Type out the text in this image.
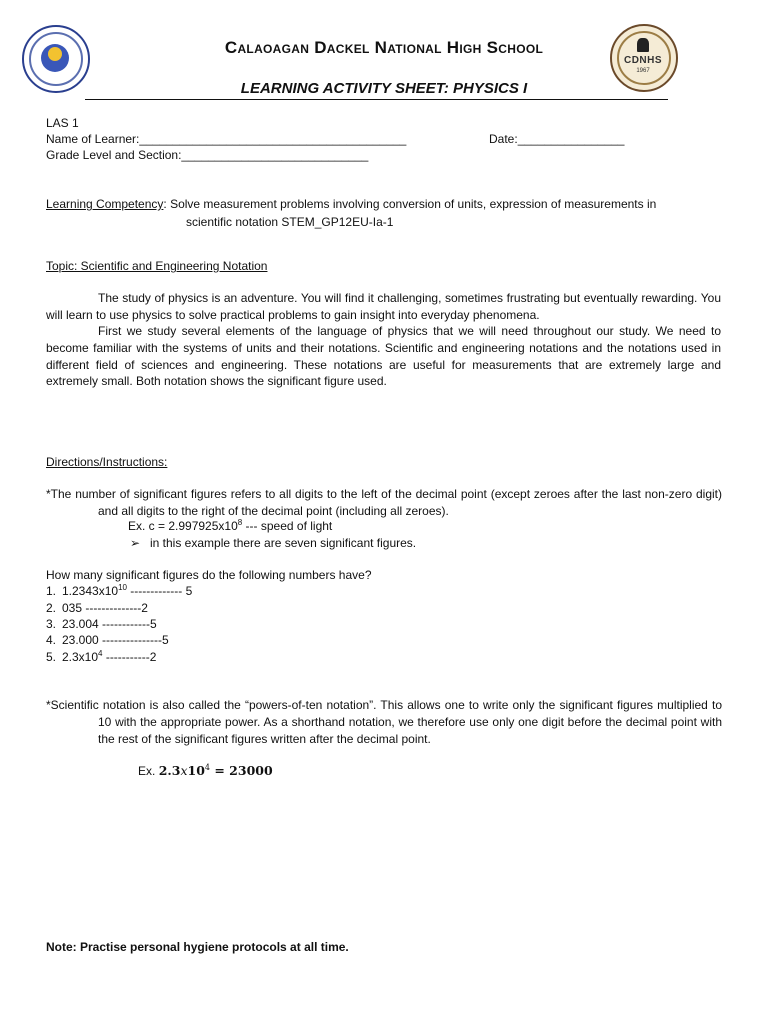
CDNHS
1967
Calaoagan Dackel National High School
LEARNING ACTIVITY SHEET: PHYSICS I
LAS 1
Name of Learner:________________________________________	Date:________________
Grade Level and Section:____________________________
Learning Competency: Solve measurement problems involving conversion of units, expression of measurements in
scientific notation STEM_GP12EU-Ia-1
Topic: Scientific and Engineering Notation
The study of physics is an adventure. You will find it challenging, sometimes frustrating but eventually rewarding. You will learn to use physics to solve practical problems to gain insight into everyday phenomena.
First we study several elements of the language of physics that we will need throughout our study. We need to become familiar with the systems of units and their notations. Scientific and engineering notations and the notations used in different field of sciences and engineering. These notations are useful for measurements that are extremely large and extremely small. Both notation shows the significant figure used.
Directions/Instructions:
*The number of significant figures refers to all digits to the left of the decimal point (except zeroes after the last non-zero digit) and all digits to the right of the decimal point (including all zeroes).
Ex. $c = 2.997925x10^8$ --- speed of light
➢ in this example there are seven significant figures.
How many significant figures do the following numbers have?
1. $1.2343x10^{10}$ ------------- 5
2. 035 --------------2
3. 23.004 ------------5
4. 23.000 ---------------5
5. $2.3x10^4$ -----------2
*Scientific notation is also called the “powers-of-ten notation”. This allows one to write only the significant figures multiplied to 10 with the appropriate power. As a shorthand notation, we therefore use only one digit before the decimal point with the rest of the significant figures written after the decimal point.
Ex. $2.3x10^4 = 23000$
Note: Practise personal hygiene protocols at all time.
